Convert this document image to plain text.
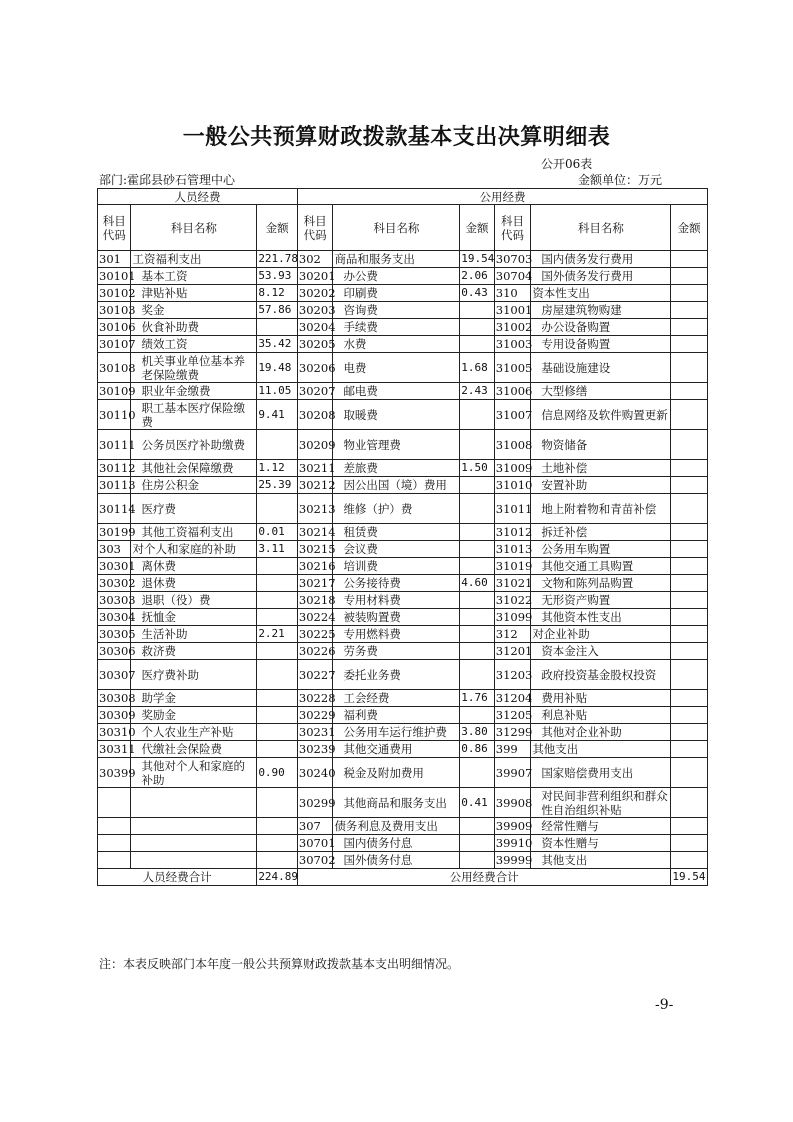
一般公共预算财政拨款基本支出决算明细表
公开06表
部门:霍邱县砂石管理中心	金额单位：万元
人员经费			公用经费					
科目代码	科目名称	金额	科目代码	科目名称	金额	科目代码	科目名称	金额
301	工资福利支出	221.78	302	商品和服务支出	19.54	30703	国内债务发行费用	
30101	基本工资	53.93	30201	办公费	2.06	30704	国外债务发行费用	
30102	津贴补贴	8.12	30202	印刷费	0.43	310	资本性支出	
30103	奖金	57.86	30203	咨询费		31001	房屋建筑物购建	
30106	伙食补助费		30204	手续费		31002	办公设备购置	
30107	绩效工资	35.42	30205	水费		31003	专用设备购置	
30108	机关事业单位基本养老保险缴费	19.48	30206	电费	1.68	31005	基础设施建设	
30109	职业年金缴费	11.05	30207	邮电费	2.43	31006	大型修缮	
30110	职工基本医疗保险缴费	9.41	30208	取暖费		31007	信息网络及软件购置更新	
30111	公务员医疗补助缴费		30209	物业管理费		31008	物资储备	
30112	其他社会保障缴费	1.12	30211	差旅费	1.50	31009	土地补偿	
30113	住房公积金	25.39	30212	因公出国（境）费用		31010	安置补助	
30114	医疗费		30213	维修（护）费		31011	地上附着物和青苗补偿	
30199	其他工资福利支出	0.01	30214	租赁费		31012	拆迁补偿	
303	对个人和家庭的补助	3.11	30215	会议费		31013	公务用车购置	
30301	离休费		30216	培训费		31019	其他交通工具购置	
30302	退休费		30217	公务接待费	4.60	31021	文物和陈列品购置	
30303	退职（役）费		30218	专用材料费		31022	无形资产购置	
30304	抚恤金		30224	被装购置费		31099	其他资本性支出	
30305	生活补助	2.21	30225	专用燃料费		312	对企业补助	
30306	救济费		30226	劳务费		31201	资本金注入	
30307	医疗费补助		30227	委托业务费		31203	政府投资基金股权投资	
30308	助学金		30228	工会经费	1.76	31204	费用补贴	
30309	奖励金		30229	福利费		31205	利息补贴	
30310	个人农业生产补贴		30231	公务用车运行维护费	3.80	31299	其他对企业补助	
30311	代缴社会保险费		30239	其他交通费用	0.86	399	其他支出	
30399	其他对个人和家庭的补助	0.90	30240	税金及附加费用		39907	国家赔偿费用支出	
			30299	其他商品和服务支出	0.41	39908	对民间非营利组织和群众性自治组织补贴	
			307	债务利息及费用支出		39909	经常性赠与	
			30701	国内债务付息		39910	资本性赠与	
			30702	国外债务付息		39999	其他支出	
人员经费合计		224.89	公用经费合计					19.54
注：本表反映部门本年度一般公共预算财政拨款基本支出明细情况。
-9-
